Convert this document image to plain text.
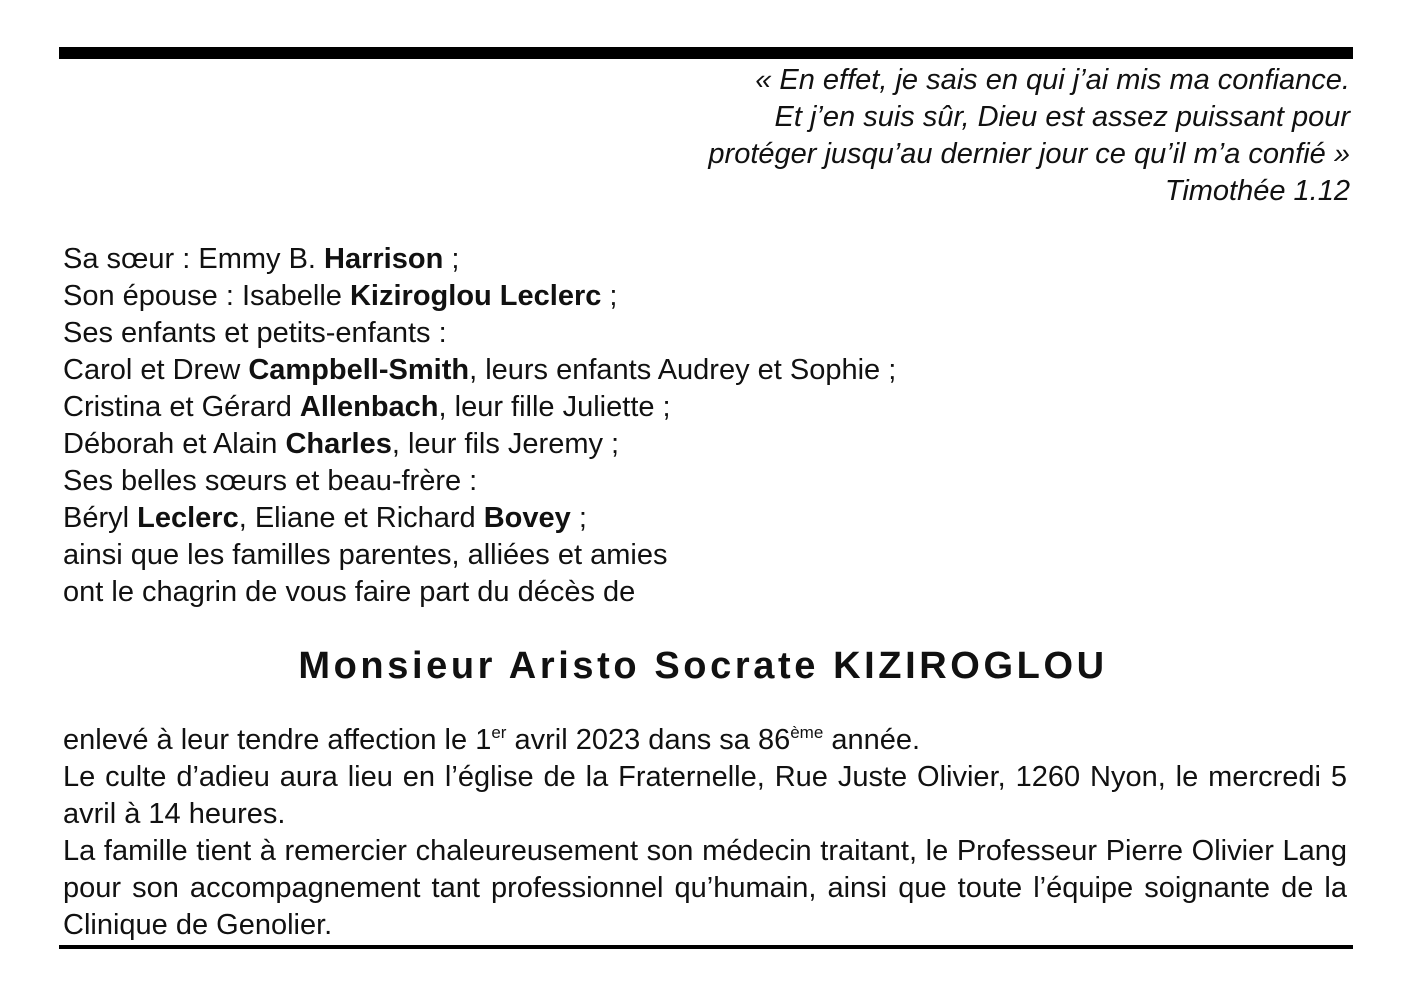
« En effet, je sais en qui j’ai mis ma confiance.
Et j’en suis sûr, Dieu est assez puissant pour
protéger jusqu’au dernier jour ce qu’il m’a confié »
Timothée 1.12
Sa sœur : Emmy B. Harrison ;
Son épouse : Isabelle Kiziroglou Leclerc ;
Ses enfants et petits-enfants :
Carol et Drew Campbell-Smith, leurs enfants Audrey et Sophie ;
Cristina et Gérard Allenbach, leur fille Juliette ;
Déborah et Alain Charles, leur fils Jeremy ;
Ses belles sœurs et beau-frère :
Béryl Leclerc, Eliane et Richard Bovey ;
ainsi que les familles parentes, alliées et amies
ont le chagrin de vous faire part du décès de
Monsieur Aristo Socrate KIZIROGLOU
enlevé à leur tendre affection le 1er avril 2023 dans sa 86ème année.
Le culte d’adieu aura lieu en l’église de la Fraternelle, Rue Juste Olivier, 1260 Nyon, le mercredi 5 avril à 14 heures.
La famille tient à remercier chaleureusement son médecin traitant, le Professeur Pierre Olivier Lang pour son accompagnement tant professionnel qu’humain, ainsi que toute l’équipe soignante de la Clinique de Genolier.
